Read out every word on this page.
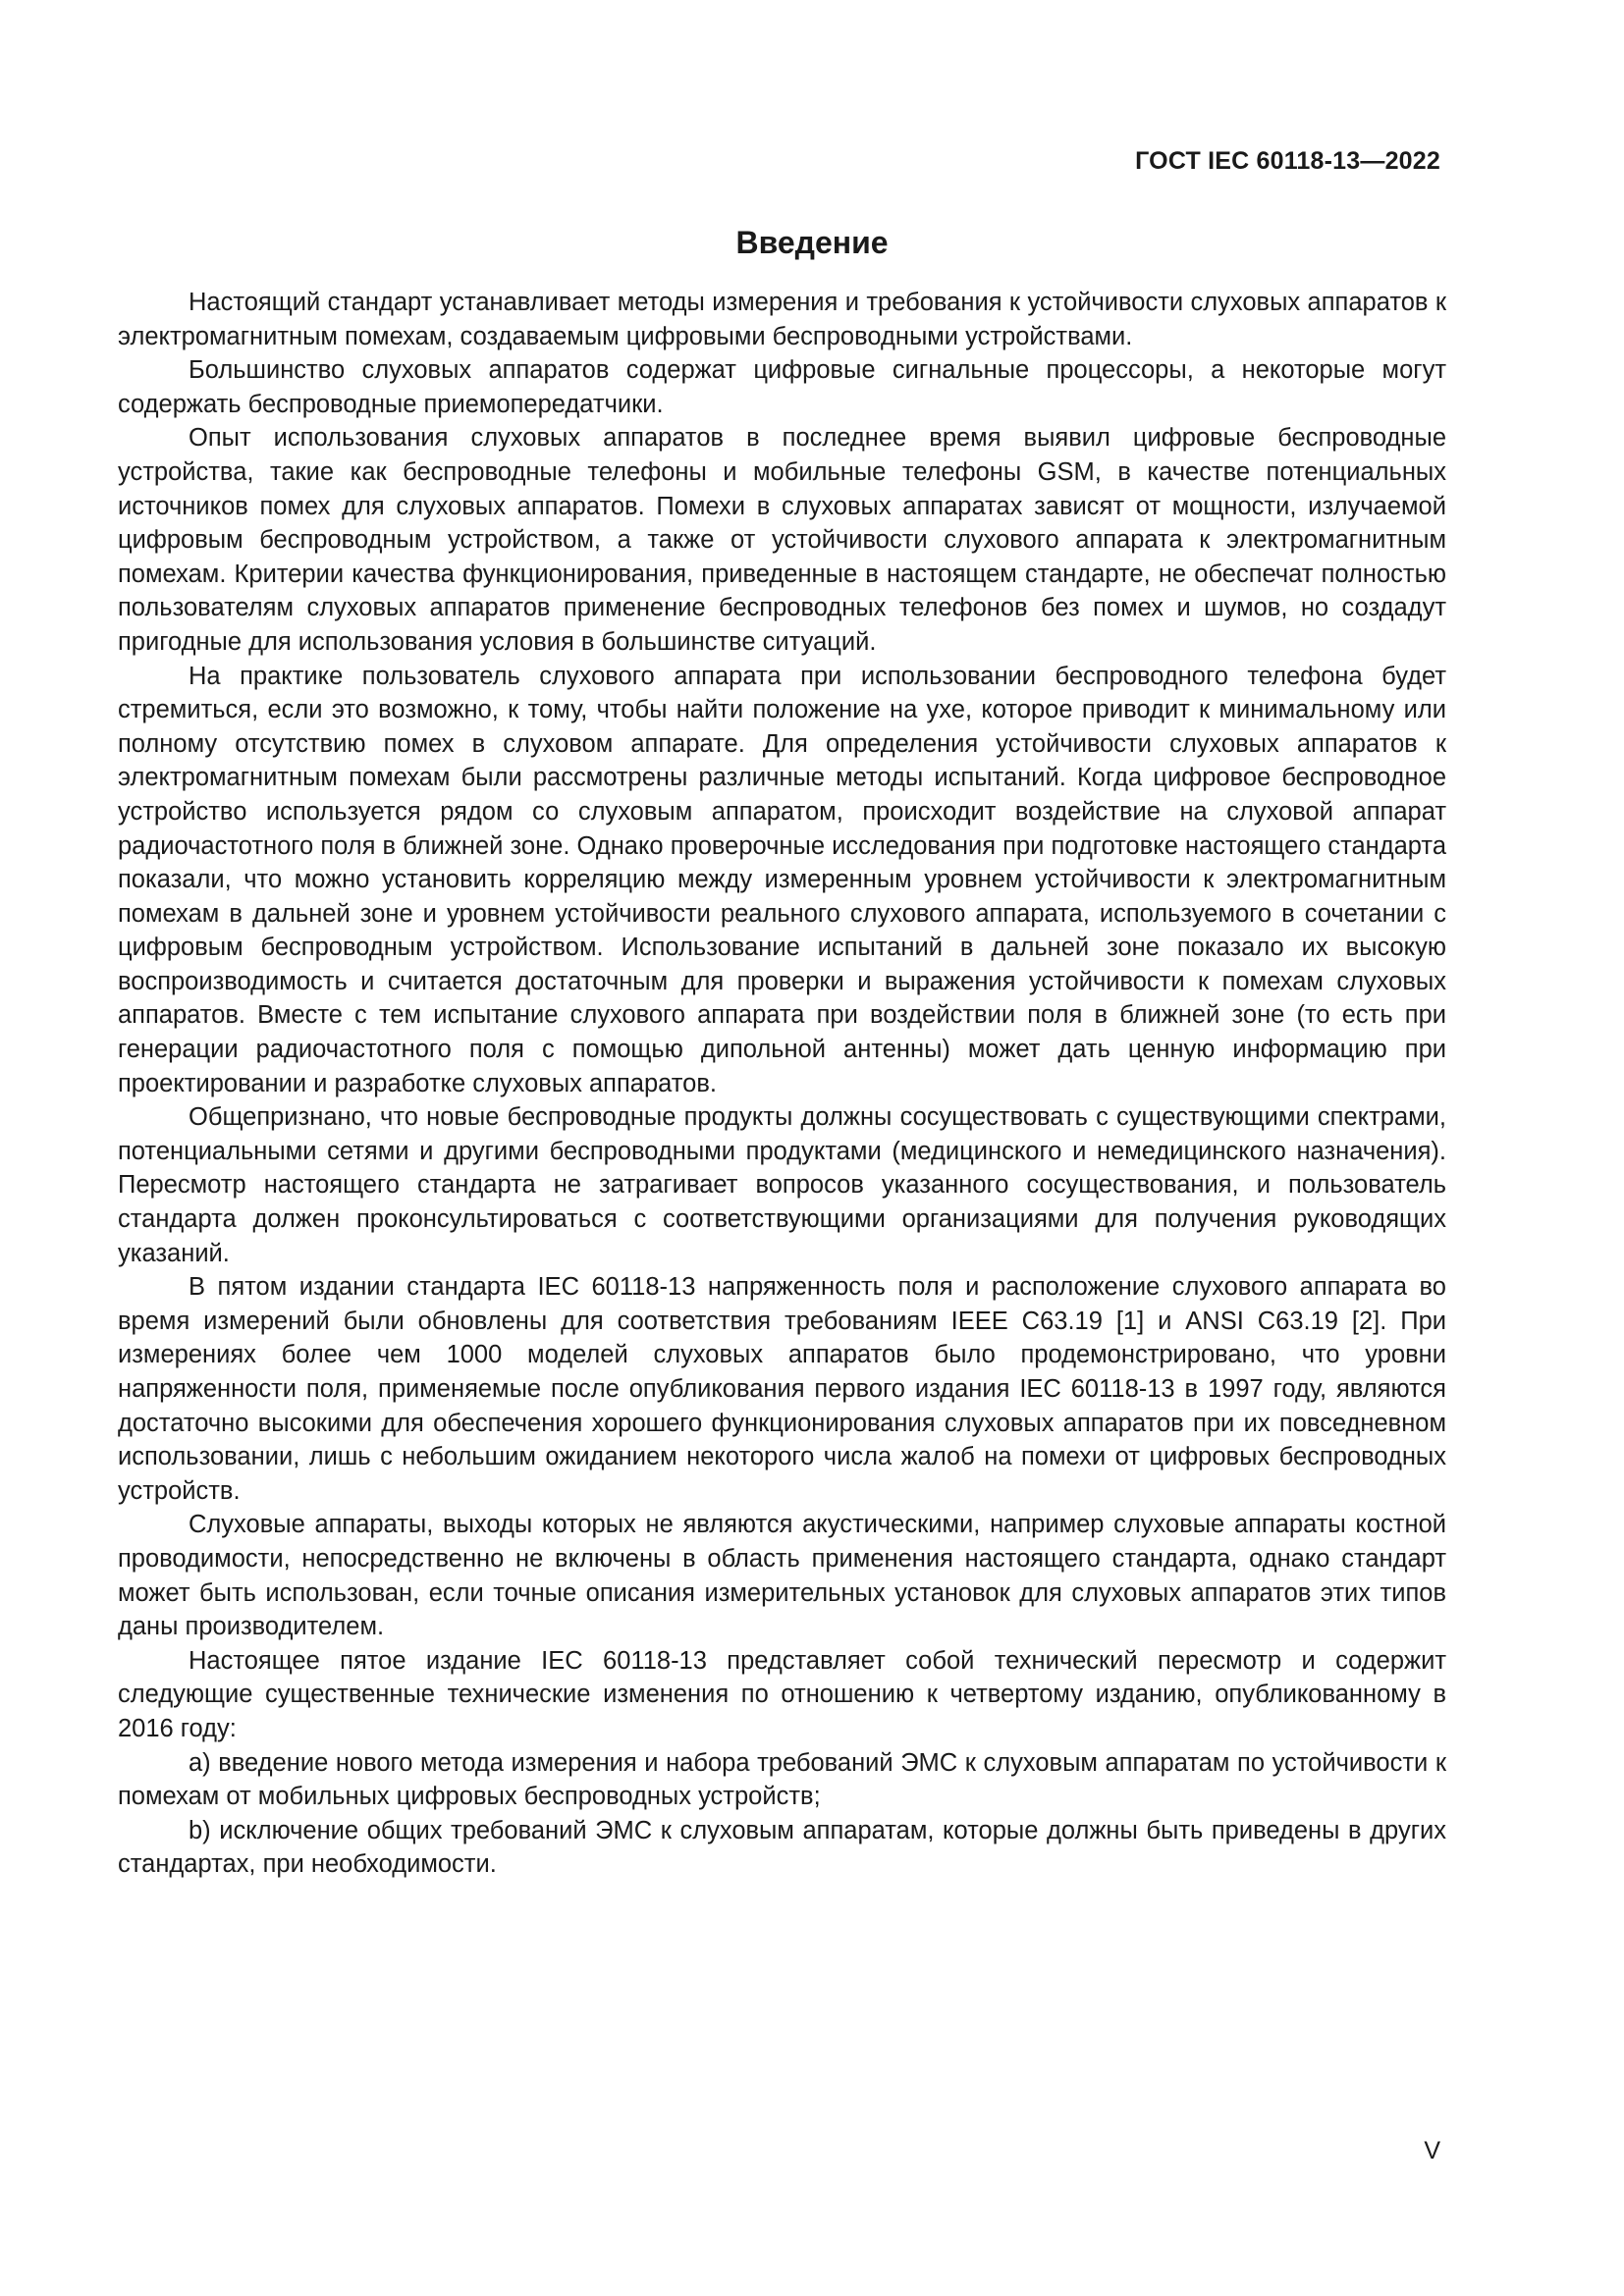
ГОСТ IEC 60118-13—2022
Введение

Настоящий стандарт устанавливает методы измерения и требования к устойчивости слуховых аппаратов к электромагнитным помехам, создаваемым цифровыми беспроводными устройствами.

Большинство слуховых аппаратов содержат цифровые сигнальные процессоры, а некоторые могут содержать беспроводные приемопередатчики.

Опыт использования слуховых аппаратов в последнее время выявил цифровые беспроводные устройства, такие как беспроводные телефоны и мобильные телефоны GSM, в качестве потенциальных источников помех для слуховых аппаратов. Помехи в слуховых аппаратах зависят от мощности, излучаемой цифровым беспроводным устройством, а также от устойчивости слухового аппарата к электромагнитным помехам. Критерии качества функционирования, приведенные в настоящем стандарте, не обеспечат полностью пользователям слуховых аппаратов применение беспроводных телефонов без помех и шумов, но создадут пригодные для использования условия в большинстве ситуаций.

На практике пользователь слухового аппарата при использовании беспроводного телефона будет стремиться, если это возможно, к тому, чтобы найти положение на ухе, которое приводит к минимальному или полному отсутствию помех в слуховом аппарате. Для определения устойчивости слуховых аппаратов к электромагнитным помехам были рассмотрены различные методы испытаний. Когда цифровое беспроводное устройство используется рядом со слуховым аппаратом, происходит воздействие на слуховой аппарат радиочастотного поля в ближней зоне. Однако проверочные исследования при подготовке настоящего стандарта показали, что можно установить корреляцию между измеренным уровнем устойчивости к электромагнитным помехам в дальней зоне и уровнем устойчивости реального слухового аппарата, используемого в сочетании с цифровым беспроводным устройством. Использование испытаний в дальней зоне показало их высокую воспроизводимость и считается достаточным для проверки и выражения устойчивости к помехам слуховых аппаратов. Вместе с тем испытание слухового аппарата при воздействии поля в ближней зоне (то есть при генерации радиочастотного поля с помощью дипольной антенны) может дать ценную информацию при проектировании и разработке слуховых аппаратов.

Общепризнано, что новые беспроводные продукты должны сосуществовать с существующими спектрами, потенциальными сетями и другими беспроводными продуктами (медицинского и немедицинского назначения). Пересмотр настоящего стандарта не затрагивает вопросов указанного сосуществования, и пользователь стандарта должен проконсультироваться с соответствующими организациями для получения руководящих указаний.

В пятом издании стандарта IEC 60118-13 напряженность поля и расположение слухового аппарата во время измерений были обновлены для соответствия требованиям IEEE C63.19 [1] и ANSI C63.19 [2]. При измерениях более чем 1000 моделей слуховых аппаратов было продемонстрировано, что уровни напряженности поля, применяемые после опубликования первого издания IEC 60118-13 в 1997 году, являются достаточно высокими для обеспечения хорошего функционирования слуховых аппаратов при их повседневном использовании, лишь с небольшим ожиданием некоторого числа жалоб на помехи от цифровых беспроводных устройств.

Слуховые аппараты, выходы которых не являются акустическими, например слуховые аппараты костной проводимости, непосредственно не включены в область применения настоящего стандарта, однако стандарт может быть использован, если точные описания измерительных установок для слуховых аппаратов этих типов даны производителем.

Настоящее пятое издание IEC 60118-13 представляет собой технический пересмотр и содержит следующие существенные технические изменения по отношению к четвертому изданию, опубликованному в 2016 году:

a) введение нового метода измерения и набора требований ЭМС к слуховым аппаратам по устойчивости к помехам от мобильных цифровых беспроводных устройств;

b) исключение общих требований ЭМС к слуховым аппаратам, которые должны быть приведены в других стандартах, при необходимости.

V
